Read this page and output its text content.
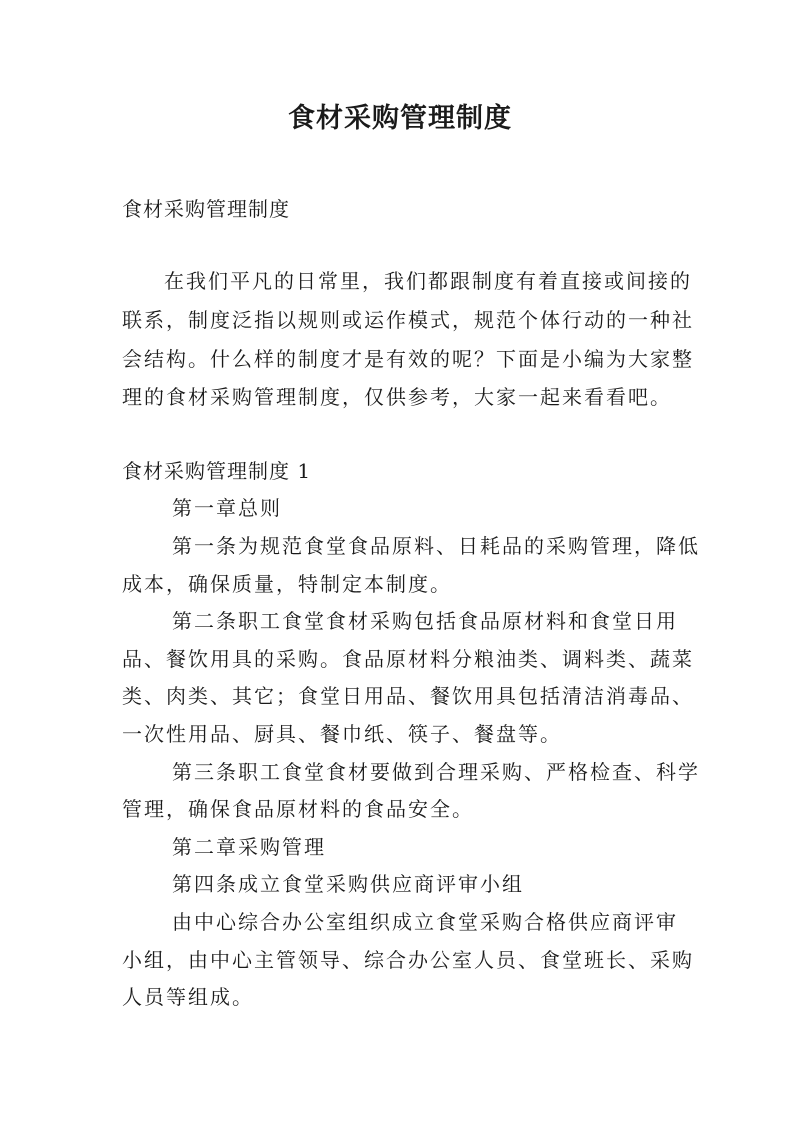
食材采购管理制度
食材采购管理制度
在我们平凡的日常里，我们都跟制度有着直接或间接的
联系，制度泛指以规则或运作模式，规范个体行动的一种社
会结构。什么样的制度才是有效的呢？下面是小编为大家整
理的食材采购管理制度，仅供参考，大家一起来看看吧。
食材采购管理制度 1
第一章总则
第一条为规范食堂食品原料、日耗品的采购管理，降低
成本，确保质量，特制定本制度。
第二条职工食堂食材采购包括食品原材料和食堂日用
品、餐饮用具的采购。食品原材料分粮油类、调料类、蔬菜
类、肉类、其它；食堂日用品、餐饮用具包括清洁消毒品、
一次性用品、厨具、餐巾纸、筷子、餐盘等。
第三条职工食堂食材要做到合理采购、严格检查、科学
管理，确保食品原材料的食品安全。
第二章采购管理
第四条成立食堂采购供应商评审小组
由中心综合办公室组织成立食堂采购合格供应商评审
小组，由中心主管领导、综合办公室人员、食堂班长、采购
人员等组成。
